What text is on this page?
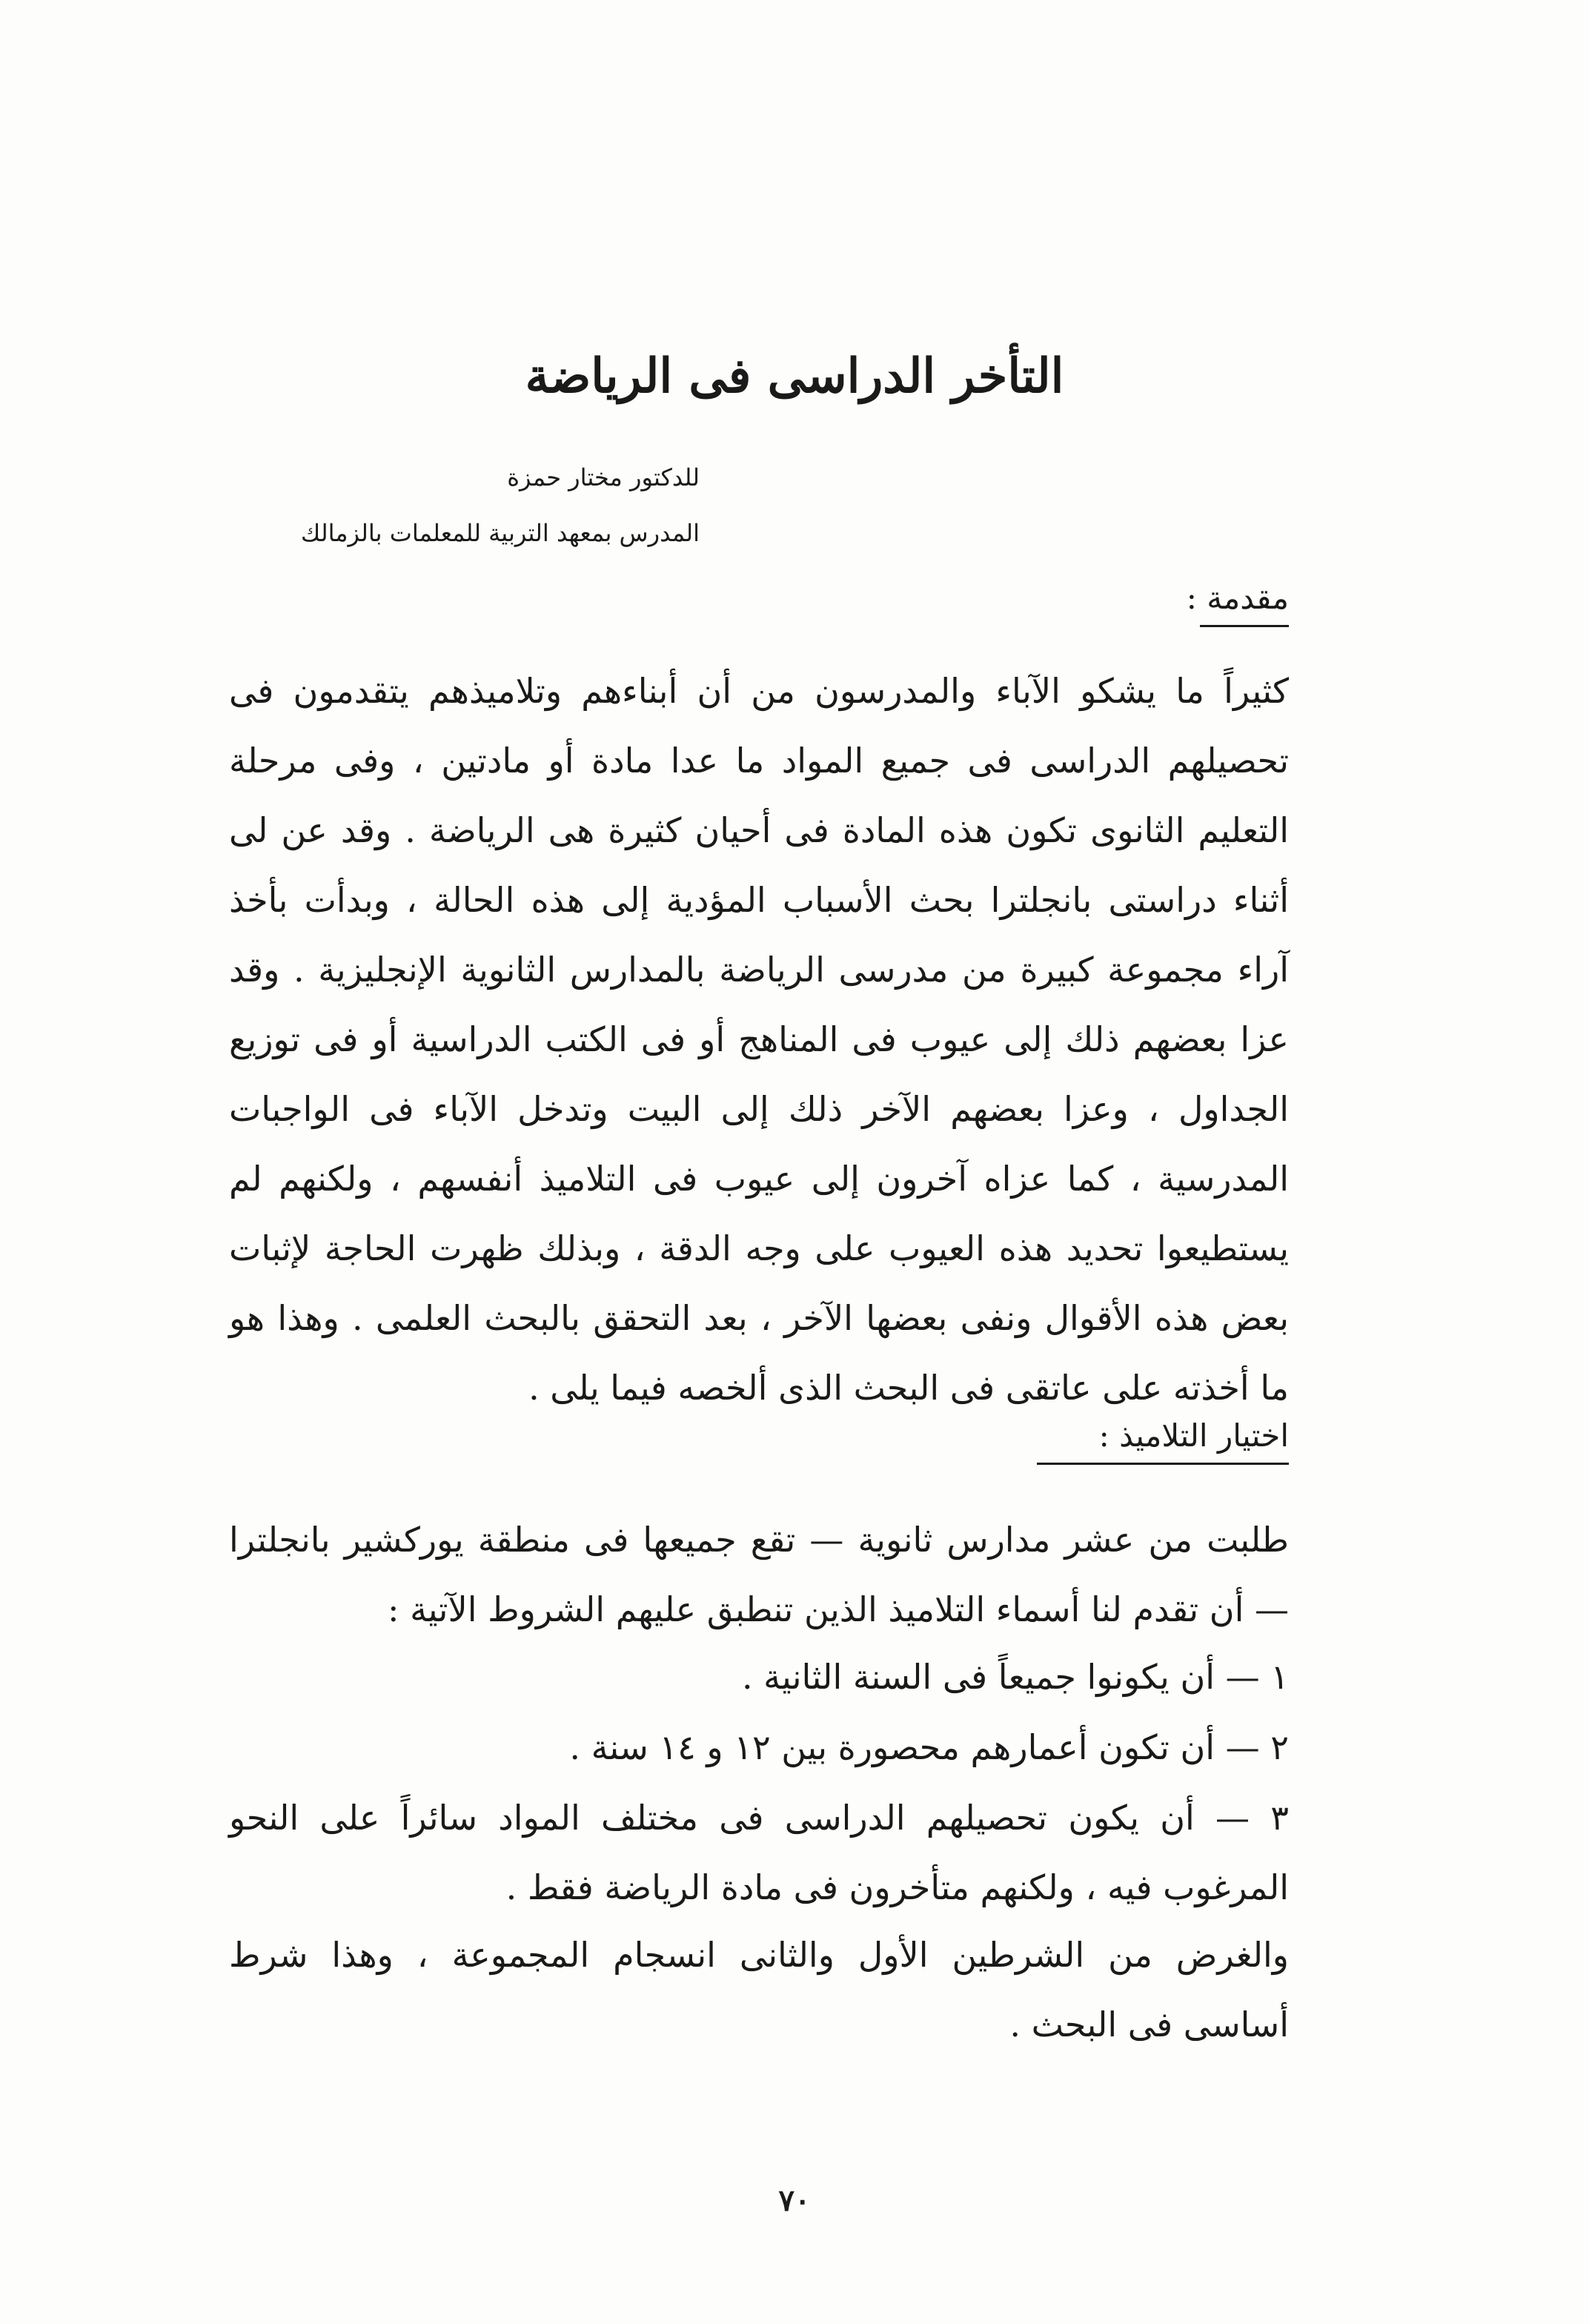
التأخر الدراسى فى الرياضة
للدكتور مختار حمزة
المدرس بمعهد التربية للمعلمات بالزمالك
مقدمة :
كثيراً ما يشكو الآباء والمدرسون من أن أبناءهم وتلاميذهم يتقدمون فى تحصيلهم الدراسى فى جميع المواد ما عدا مادة أو مادتين ، وفى مرحلة التعليم الثانوى تكون هذه المادة فى أحيان كثيرة هى الرياضة . وقد عن لى أثناء دراستى بانجلترا بحث الأسباب المؤدية إلى هذه الحالة ، وبدأت بأخذ آراء مجموعة كبيرة من مدرسى الرياضة بالمدارس الثانوية الإنجليزية . وقد عزا بعضهم ذلك إلى عيوب فى المناهج أو فى الكتب الدراسية أو فى توزيع الجداول ، وعزا بعضهم الآخر ذلك إلى البيت وتدخل الآباء فى الواجبات المدرسية ، كما عزاه آخرون إلى عيوب فى التلاميذ أنفسهم ، ولكنهم لم يستطيعوا تحديد هذه العيوب على وجه الدقة ، وبذلك ظهرت الحاجة لإثبات بعض هذه الأقوال ونفى بعضها الآخر ، بعد التحقق بالبحث العلمى . وهذا هو ما أخذته على عاتقى فى البحث الذى ألخصه فيما يلى .
اختيار التلاميذ :
طلبت من عشر مدارس ثانوية — تقع جميعها فى منطقة يوركشير بانجلترا — أن تقدم لنا أسماء التلاميذ الذين تنطبق عليهم الشروط الآتية :
١ — أن يكونوا جميعاً فى السنة الثانية .
٢ — أن تكون أعمارهم محصورة بين ١٢ و ١٤ سنة .
٣ — أن يكون تحصيلهم الدراسى فى مختلف المواد سائراً على النحو المرغوب فيه ، ولكنهم متأخرون فى مادة الرياضة فقط .
والغرض من الشرطين الأول والثانى انسجام المجموعة ، وهذا شرط أساسى فى البحث .
٧٠
